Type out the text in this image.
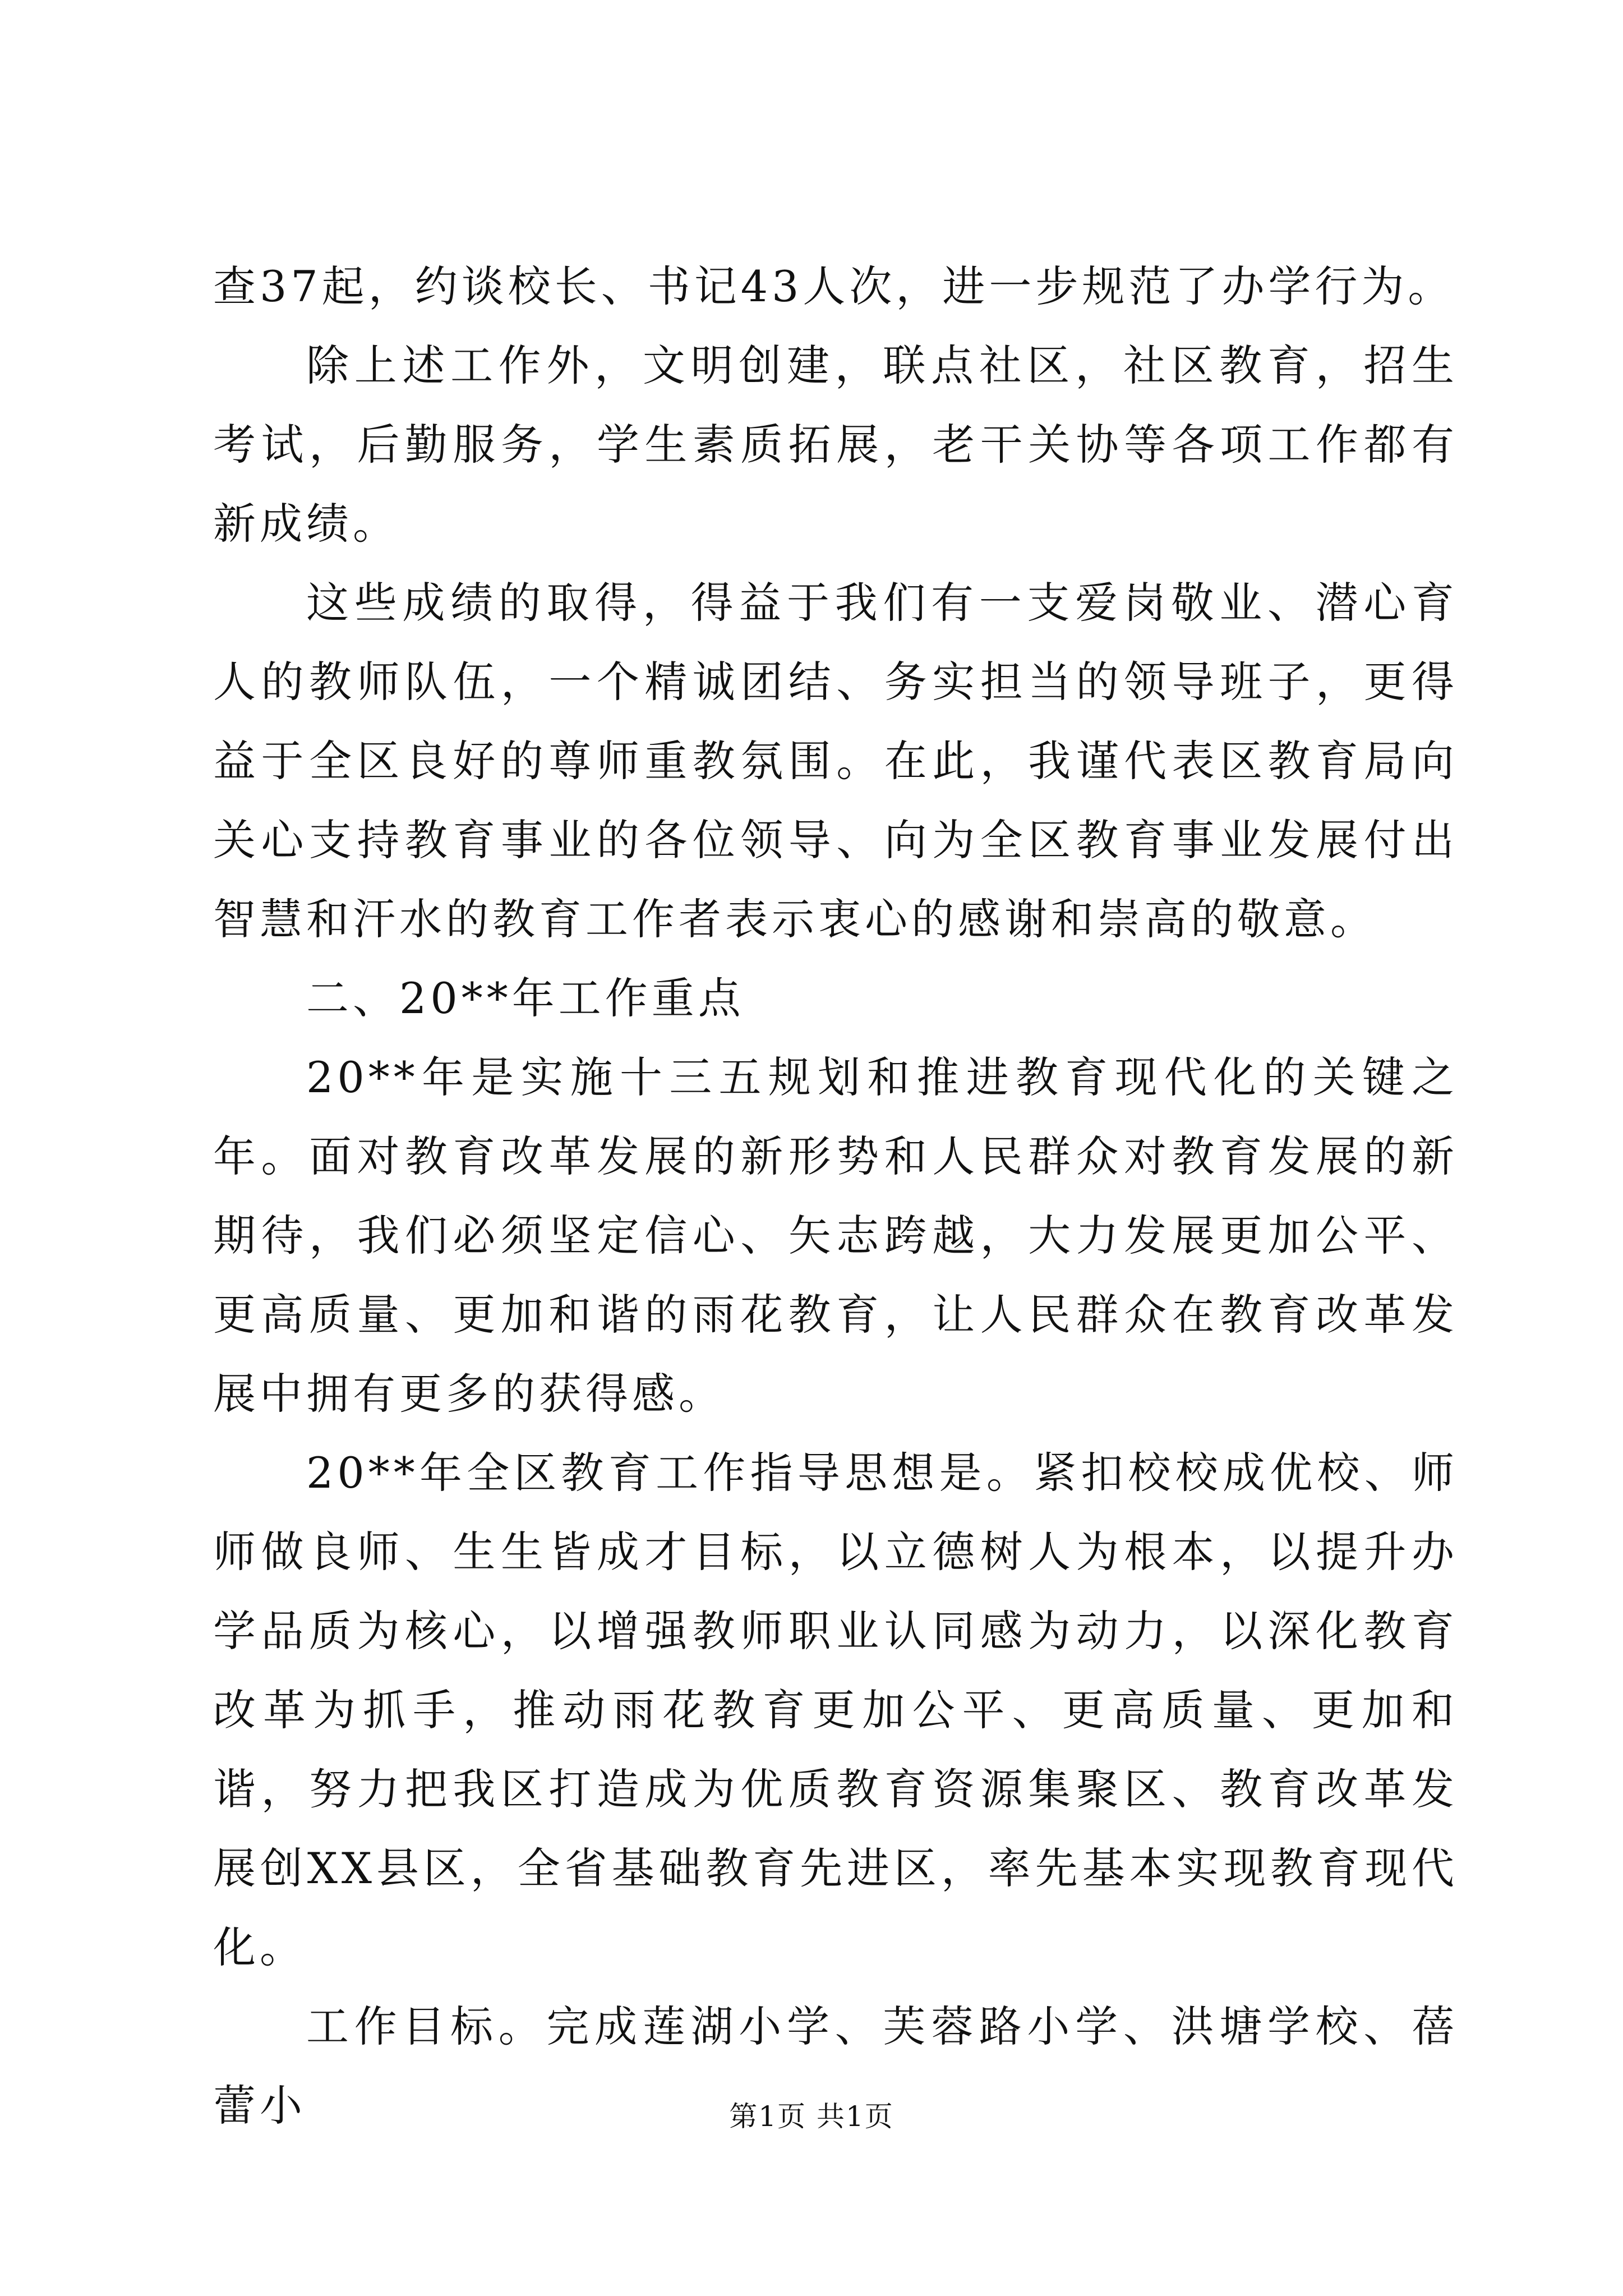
查37起，约谈校长、书记43人次，进一步规范了办学行为。

除上述工作外，文明创建，联点社区，社区教育，招生考试，后勤服务，学生素质拓展，老干关协等各项工作都有新成绩。

这些成绩的取得，得益于我们有一支爱岗敬业、潜心育人的教师队伍，一个精诚团结、务实担当的领导班子，更得益于全区良好的尊师重教氛围。在此，我谨代表区教育局向关心支持教育事业的各位领导、向为全区教育事业发展付出智慧和汗水的教育工作者表示衷心的感谢和崇高的敬意。

二、20**年工作重点

20**年是实施十三五规划和推进教育现代化的关键之年。面对教育改革发展的新形势和人民群众对教育发展的新期待，我们必须坚定信心、矢志跨越，大力发展更加公平、更高质量、更加和谐的雨花教育，让人民群众在教育改革发展中拥有更多的获得感。

20**年全区教育工作指导思想是。紧扣校校成优校、师师做良师、生生皆成才目标，以立德树人为根本，以提升办学品质为核心，以增强教师职业认同感为动力，以深化教育改革为抓手，推动雨花教育更加公平、更高质量、更加和谐，努力把我区打造成为优质教育资源集聚区、教育改革发展创XX县区，全省基础教育先进区，率先基本实现教育现代化。

工作目标。完成莲湖小学、芙蓉路小学、洪塘学校、蓓蕾小	第1页 共1页
